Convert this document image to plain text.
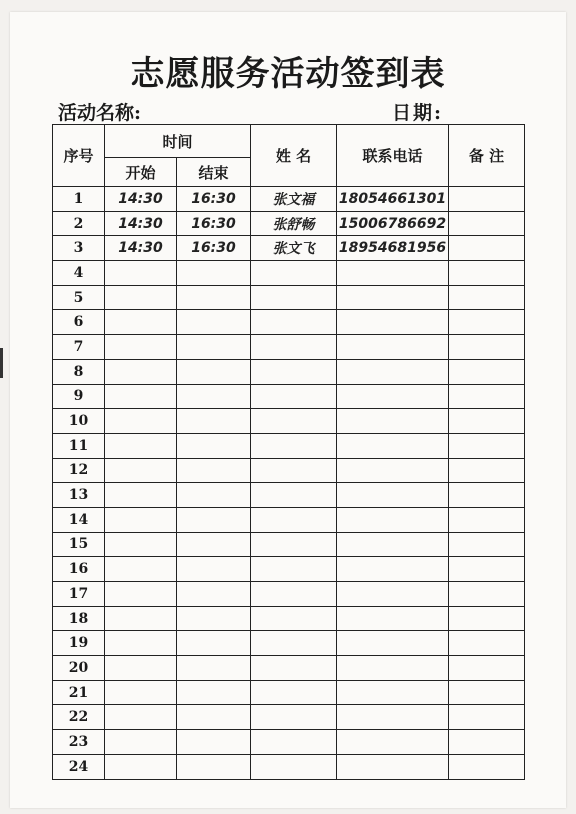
志愿服务活动签到表
活动名称:	日期:
序号	时间		姓 名	联系电话	备 注
	开始	结束			
1	14:30	16:30	张文福	18054661301	
2	14:30	16:30	张舒畅	15006786692	
3	14:30	16:30	张文飞	18954681956	
4					
5					
6					
7					
8					
9					
10					
11					
12					
13					
14					
15					
16					
17					
18					
19					
20					
21					
22					
23					
24					
